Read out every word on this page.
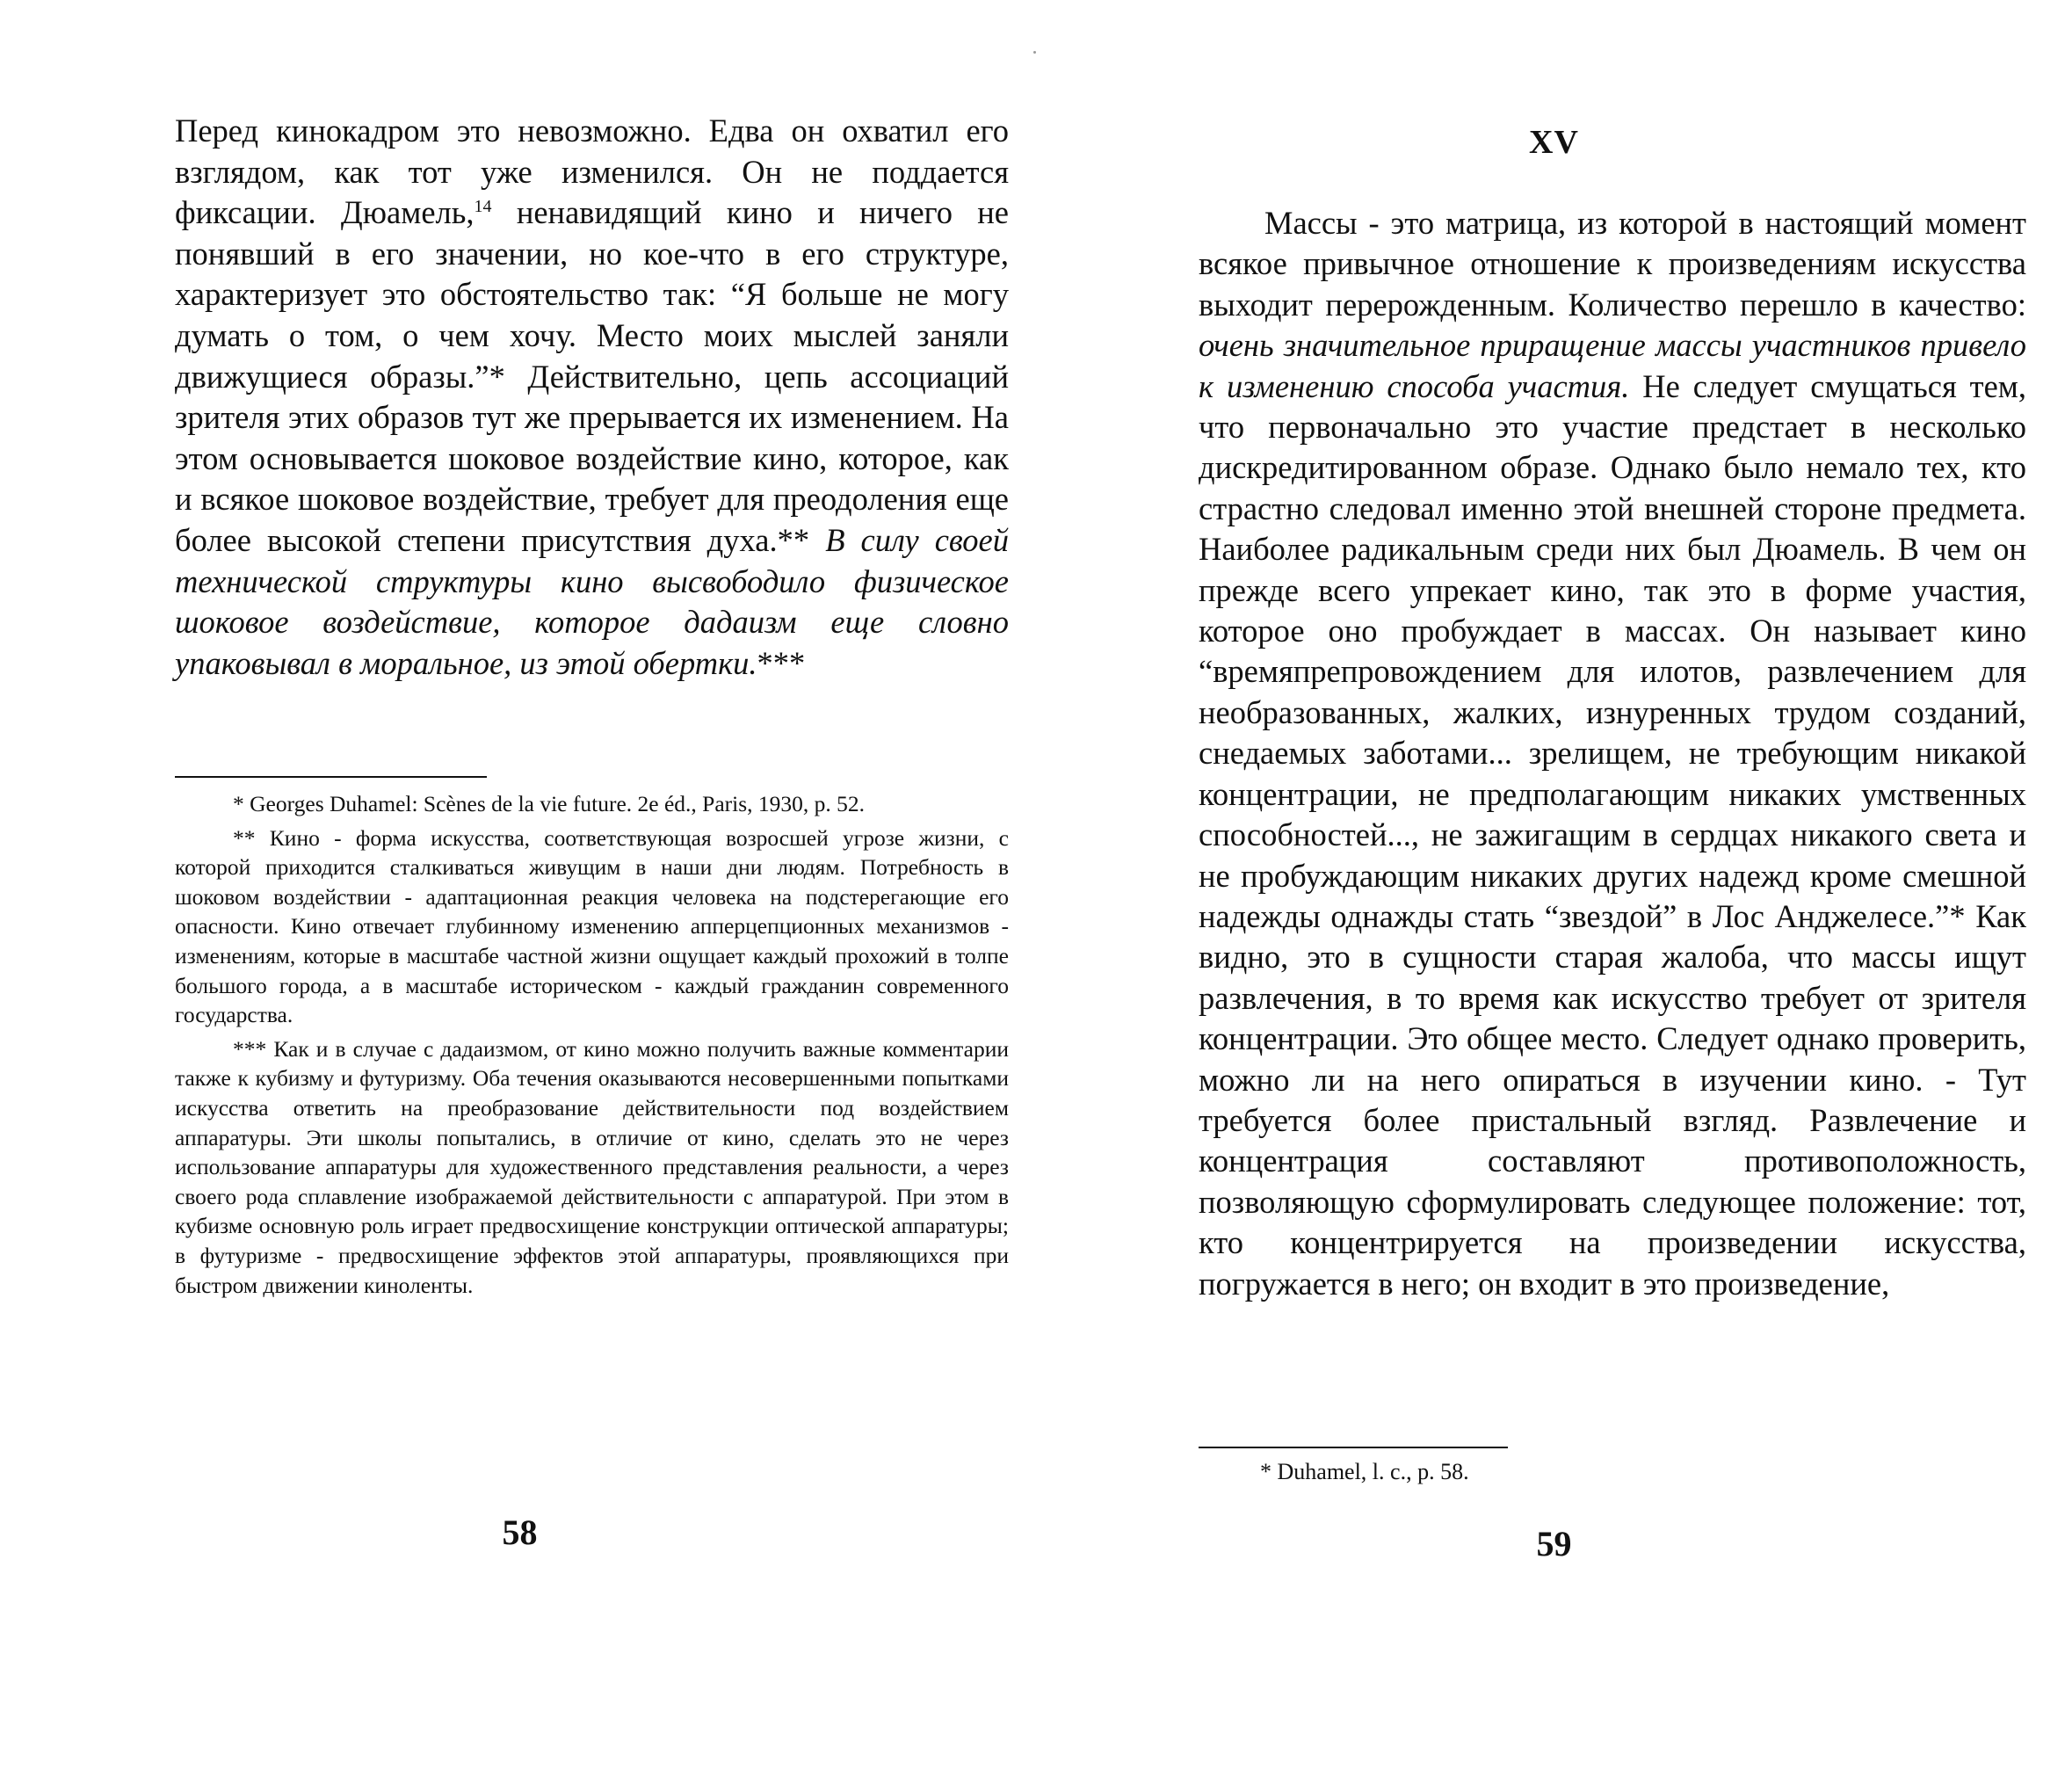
Перед кинокадром это невозможно. Едва он охватил его взглядом, как тот уже изменился. Он не поддается фиксации. Дюамель,$^{14}$ ненавидящий кино и ничего не понявший в его значении, но кое-что в его структуре, характеризует это обстоятельство так: “Я больше не могу думать о том, о чем хочу. Место моих мыслей заняли движущиеся образы.”* Действительно, цепь ассоциаций зрителя этих образов тут же прерывается их изменением. На этом основывается шоковое воздействие кино, которое, как и всякое шоковое воздействие, требует для преодоления еще более высокой степени присутствия духа.** В силу своей технической структуры кино высвободило физическое шоковое воздействие, которое дадаизм еще словно упаковывал в моральное, из этой обертки.***

* Georges Duhamel: Scènes de la vie future. 2e éd., Paris, 1930, p. 52.

** Кино - форма искусства, соответствующая возросшей угрозе жизни, с которой приходится сталкиваться живущим в наши дни людям. Потребность в шоковом воздействии - адаптационная реакция человека на подстерегающие его опасности. Кино отвечает глубинному изменению апперцепционных механизмов - изменениям, которые в масштабе частной жизни ощущает каждый прохожий в толпе большого города, а в масштабе историческом - каждый гражданин современного государства.

*** Как и в случае с дадаизмом, от кино можно получить важные комментарии также к кубизму и футуризму. Оба течения оказываются несовершенными попытками искусства ответить на преобразование действительности под воздействием аппаратуры. Эти школы попытались, в отличие от кино, сделать это не через использование аппаратуры для художественного представления реальности, а через своего рода сплавление изображаемой действительности с аппаратурой. При этом в кубизме основную роль играет предвосхищение конструкции оптической аппаратуры; в футуризме - предвосхищение эффектов этой аппаратуры, проявляющихся при быстром движении киноленты.

58
XV

Массы - это матрица, из которой в настоящий момент всякое привычное отношение к произведениям искусства выходит перерожденным. Количество перешло в качество: очень значительное приращение массы участников привело к изменению способа участия. Не следует смущаться тем, что первоначально это участие предстает в несколько дискредитированном образе. Однако было немало тех, кто страстно следовал именно этой внешней стороне предмета. Наиболее радикальным среди них был Дюамель. В чем он прежде всего упрекает кино, так это в форме участия, которое оно пробуждает в массах. Он называет кино “времяпрепровождением для илотов, развлечением для необразованных, жалких, изнуренных трудом созданий, снедаемых заботами... зрелищем, не требующим никакой концентрации, не предполагающим никаких умственных способностей..., не зажигащим в сердцах никакого света и не пробуждающим никаких других надежд кроме смешной надежды однажды стать “звездой” в Лос Анджелесе.”* Как видно, это в сущности старая жалоба, что массы ищут развлечения, в то время как искусство требует от зрителя концентрации. Это общее место. Следует однако проверить, можно ли на него опираться в изучении кино. - Тут требуется более пристальный взгляд. Развлечение и концентрация составляют противоположность, позволяющую сформулировать следующее положение: тот, кто концентрируется на произведении искусства, погружается в него; он входит в это произведение,

* Duhamel, l. c., p. 58.

59
